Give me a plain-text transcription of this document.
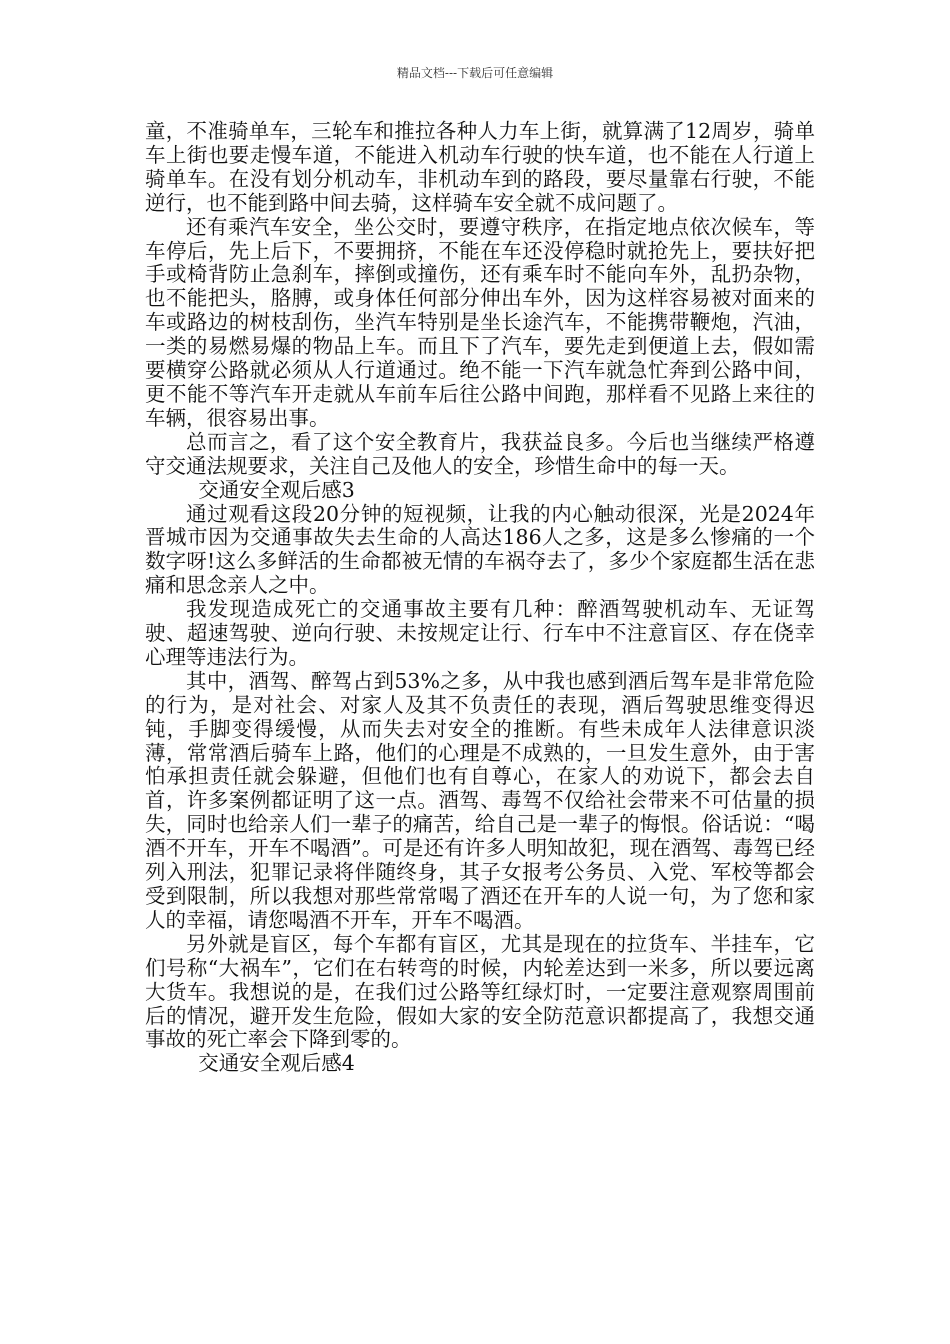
精品文档---下载后可任意编辑

童，不准骑单车，三轮车和推拉各种人力车上街，就算满了12周岁，骑单车上街也要走慢车道，不能进入机动车行驶的快车道，也不能在人行道上骑单车。在没有划分机动车，非机动车到的路段，要尽量靠右行驶，不能逆行，也不能到路中间去骑，这样骑车安全就不成问题了。

还有乘汽车安全，坐公交时，要遵守秩序，在指定地点依次候车，等车停后，先上后下，不要拥挤，不能在车还没停稳时就抢先上，要扶好把手或椅背防止急刹车，摔倒或撞伤，还有乘车时不能向车外，乱扔杂物，也不能把头，胳膊，或身体任何部分伸出车外，因为这样容易被对面来的车或路边的树枝刮伤，坐汽车特别是坐长途汽车，不能携带鞭炮，汽油，一类的易燃易爆的物品上车。而且下了汽车，要先走到便道上去，假如需要横穿公路就必须从人行道通过。绝不能一下汽车就急忙奔到公路中间，更不能不等汽车开走就从车前车后往公路中间跑，那样看不见路上来往的车辆，很容易出事。

总而言之，看了这个安全教育片，我获益良多。今后也当继续严格遵守交通法规要求，关注自己及他人的安全，珍惜生命中的每一天。

交通安全观后感3

通过观看这段20分钟的短视频，让我的内心触动很深，光是2024年晋城市因为交通事故失去生命的人高达186人之多，这是多么惨痛的一个数字呀!这么多鲜活的生命都被无情的车祸夺去了，多少个家庭都生活在悲痛和思念亲人之中。

我发现造成死亡的交通事故主要有几种：醉酒驾驶机动车、无证驾驶、超速驾驶、逆向行驶、未按规定让行、行车中不注意盲区、存在侥幸心理等违法行为。

其中，酒驾、醉驾占到53%之多，从中我也感到酒后驾车是非常危险的行为，是对社会、对家人及其不负责任的表现，酒后驾驶思维变得迟钝，手脚变得缓慢，从而失去对安全的推断。有些未成年人法律意识淡薄，常常酒后骑车上路，他们的心理是不成熟的，一旦发生意外，由于害怕承担责任就会躲避，但他们也有自尊心，在家人的劝说下，都会去自首，许多案例都证明了这一点。酒驾、毒驾不仅给社会带来不可估量的损失，同时也给亲人们一辈子的痛苦，给自己是一辈子的悔恨。俗话说：“喝酒不开车，开车不喝酒”。可是还有许多人明知故犯，现在酒驾、毒驾已经列入刑法，犯罪记录将伴随终身，其子女报考公务员、入党、军校等都会受到限制，所以我想对那些常常喝了酒还在开车的人说一句，为了您和家人的幸福，请您喝酒不开车，开车不喝酒。

另外就是盲区，每个车都有盲区，尤其是现在的拉货车、半挂车，它们号称“大祸车”，它们在右转弯的时候，内轮差达到一米多，所以要远离大货车。我想说的是，在我们过公路等红绿灯时，一定要注意观察周围前后的情况，避开发生危险，假如大家的安全防范意识都提高了，我想交通事故的死亡率会下降到零的。

交通安全观后感4
